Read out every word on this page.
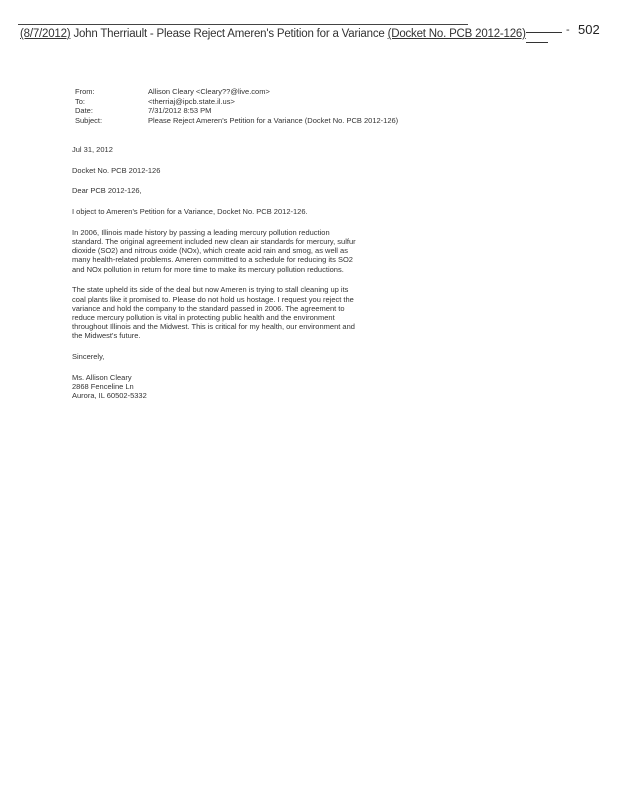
(8/7/2012) John Therriault - Please Reject Ameren's Petition for a Variance (Docket No. PCB 2012-126)	- 502
From:	Allison Cleary <Cleary??@live.com>
To:	<therriaj@ipcb.state.il.us>
Date:	7/31/2012 8:53 PM
Subject:	Please Reject Ameren's Petition for a Variance (Docket No. PCB 2012-126)

Jul 31, 2012

Docket No. PCB 2012-126

Dear PCB 2012-126,

I object to Ameren's Petition for a Variance, Docket No. PCB 2012-126.

In 2006, Illinois made history by passing a leading mercury pollution reduction standard. The original agreement included new clean air standards for mercury, sulfur dioxide (SO2) and nitrous oxide (NOx), which create acid rain and smog, as well as many health-related problems. Ameren committed to a schedule for reducing its SO2 and NOx pollution in return for more time to make its mercury pollution reductions.

The state upheld its side of the deal but now Ameren is trying to stall cleaning up its coal plants like it promised to. Please do not hold us hostage. I request you reject the variance and hold the company to the standard passed in 2006. The agreement to reduce mercury pollution is vital in protecting public health and the environment throughout Illinois and the Midwest. This is critical for my health, our environment and the Midwest's future.

Sincerely,

Ms. Allison Cleary
2868 Fenceline Ln
Aurora, IL 60502-5332
